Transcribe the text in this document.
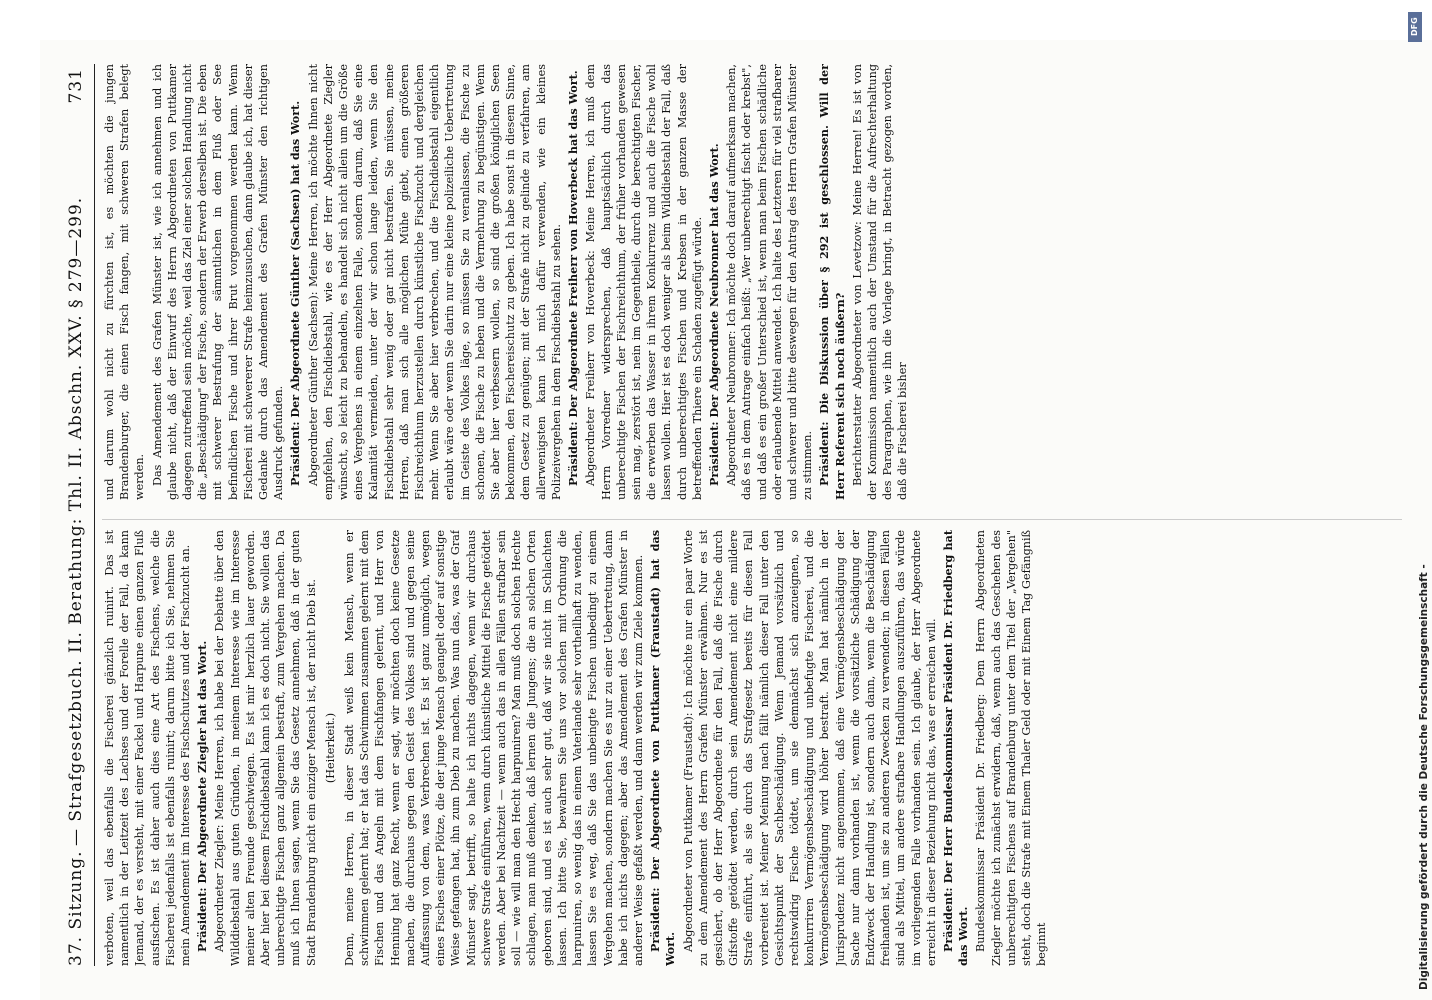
37. Sitzung.
— Strafgesetzbuch. II. Berathung: Thl. II. Abschn. XXV. § 279—299.
731

verboten, weil das ebenfalls die Fischerei gänzlich ruinirt. Das ist namentlich in der Leitzeit des Lachses und der Forelle der Fall, da kann Jemand, der es versteht, mit einer Fackel und Harpune einen ganzen Fluß ausfischen. Es ist daher auch dies eine Art des Fischens, welche die Fischerei jedenfalls ist ebenfalls ruinirt; darum bitte ich Sie, nehmen Sie mein Amendement im Interesse des Fischschutzes und der Fischzucht an. Präsident: Der Abgeordnete Ziegler hat das Wort. Abgeordneter Ziegler: Meine Herren, ich habe bei der Debatte über den Wilddiebstahl aus guten Gründen, in meinem Interesse wie im Interesse meiner alten Freunde geschwiegen. Es ist mir herzlich lauer geworden. Aber hier bei diesem Fischdiebstahl kann ich es doch nicht. Sie wollen das unberechtigte Fischen ganz allgemein bestraft, zum Vergehen machen. Da muß ich Ihnen sagen, wenn Sie das Gesetz annehmen, daß in der guten Stadt Brandenburg nicht ein einziger Mensch ist, der nicht Dieb ist. (Heiterkeit.) Denn, meine Herren, in dieser Stadt weiß kein Mensch, wenn er schwimmen gelernt hat; er hat das Schwimmen zusammen gelernt mit dem Fischen und das Angeln mit dem Fischfangen gelernt, und Herr von Henning hat ganz Recht, wenn er sagt, wir möchten doch keine Gesetze machen, die durchaus gegen den Geist des Volkes sind und gegen seine Auffassung von dem, was Verbrechen ist. Es ist ganz unmöglich, wegen eines Fisches einer Plötze, die der junge Mensch geangelt oder auf sonstige Weise gefangen hat, ihn zum Dieb zu machen. Was nun das, was der Graf Münster sagt, betrifft, so halte ich nichts dagegen, wenn wir durchaus schwere Strafe einführen, wenn durch künstliche Mittel die Fische getödtet werden. Aber bei Nachtzeit — wenn auch das in allen Fällen strafbar sein soll — wie will man den Hecht harpuniren? Man muß doch solchen Hechte schlagen, man muß denken, daß lernen die Jungens; die an solchen Orten geboren sind, und es ist auch sehr gut, daß wir sie nicht im Schlachten lassen. Ich bitte Sie, bewahren Sie uns vor solchen mit Ordnung die harpuniren, so wenig das in einem Vaterlande sehr vortheilhaft zu wenden, lassen Sie es weg, daß Sie das unbeingte Fischen unbedingt zu einem Vergehen machen, sondern machen Sie es nur zu einer Uebertretung, dann habe ich nichts dagegen; aber das Amendement des Grafen Münster in anderer Weise gefaßt werden, und dann werden wir zum Ziele kommen. Präsident: Der Abgeordnete von Puttkamer (Fraustadt) hat das Wort. Abgeordneter von Puttkamer (Fraustadt): Ich möchte nur ein paar Worte zu dem Amendement des Herrn Grafen Münster erwähnen. Nur es ist gesichert, ob der Herr Abgeordnete für den Fall, daß die Fische durch Gifstoffe getödtet werden, durch sein Amendement nicht eine mildere Strafe einführt, als sie durch das Strafgesetz bereits für diesen Fall vorbereitet ist. Meiner Meinung nach fällt nämlich dieser Fall unter den Gesichtspunkt der Sachbeschädigung. Wenn Jemand vorsätzlich und rechtswidrig Fische tödtet, um sie demnächst sich anzueignen, so konkurriren Vermögensbeschädigung und unbefugte Fischerei, und die Vermögensbeschädigung wird höher bestraft. Man hat nämlich in der Jurisprudenz nicht angenommen, daß eine Vermögensbeschädigung der Sache nur dann vorhanden ist, wenn die vorsätzliche Schädigung der Endzweck der Handlung ist, sondern auch dann, wenn die Beschädigung freihanden ist, um sie zu anderen Zwecken zu verwenden; in diesen Fällen sind als Mittel, um andere strafbare Handlungen auszuführen, das würde im vorliegenden Falle vorhanden sein. Ich glaube, der Herr Abgeordnete erreicht in dieser Beziehung nicht das, was er erreichen will. Präsident: Der Herr Bundeskommissar Präsident Dr. Friedberg hat das Wort. Bundeskommissar Präsident Dr. Friedberg: Dem Herrn Abgeordneten Ziegler möchte ich zunächst erwidern, daß, wenn auch das Geschehen des unberechtigten Fischens auf Brandenburg unter dem Titel der „Vergehen" steht, doch die Strafe mit Einem Thaler Geld oder mit Einem Tag Gefängniß beginnt

und darum wohl nicht zu fürchten ist, es möchten die jungen Brandenburger, die einen Fisch fangen, mit schweren Strafen belegt werden. Das Amendement des Grafen Münster ist, wie ich annehmen und ich glaube nicht, daß der Einwurf des Herrn Abgeordneten von Puttkamer dagegen zutreffend sein möchte, weil das Ziel einer solchen Handlung nicht die „Beschädigung" der Fische, sondern der Erwerb derselben ist. Die eben mit schwerer Bestrafung der sämmtlichen in dem Fluß oder See befindlichen Fische und ihrer Brut vorgenommen werden kann. Wenn Fischerei mit schwererer Strafe heimzusuchen, dann glaube ich, hat dieser Gedanke durch das Amendement des Grafen Münster den richtigen Ausdruck gefunden. Präsident: Der Abgeordnete Günther (Sachsen) hat das Wort. Abgeordneter Günther (Sachsen): Meine Herren, ich möchte Ihnen nicht empfehlen, den Fischdiebstahl, wie es der Herr Abgeordnete Ziegler wünscht, so leicht zu behandeln, es handelt sich nicht allein um die Größe eines Vergehens in einem einzelnen Falle, sondern darum, daß Sie eine Kalamität vermeiden, unter der wir schon lange leiden, wenn Sie den Fischdiebstahl sehr wenig oder gar nicht bestrafen. Sie müssen, meine Herren, daß man sich alle möglichen Mühe giebt, einen größeren Fischreichthum herzustellen durch künstliche Fischzucht und dergleichen mehr. Wenn Sie aber hier verbrechen, und die Fischdiebstahl eigentlich erlaubt wäre oder wenn Sie darin nur eine kleine polizeiliche Uebertretung im Geiste des Volkes läge, so müssen Sie zu veranlassen, die Fische zu schonen, die Fische zu heben und die Vermehrung zu begünstigen. Wenn Sie aber hier verbessern wollen, so sind die großen königlichen Seen bekommen, den Fischereischutz zu geben. Ich habe sonst in diesem Sinne, dem Gesetz zu genügen; mit der Strafe nicht zu gelinde zu verfahren, am allerwenigsten kann ich mich dafür verwenden, wie ein kleines Polizeivergehen in dem Fischdiebstahl zu sehen. Präsident: Der Abgeordnete Freiherr von Hoverbeck hat das Wort. Abgeordneter Freiherr von Hoverbeck: Meine Herren, ich muß dem Herrn Vorredner widersprechen, daß hauptsächlich durch das unberechtigte Fischen der Fischreichthum, der früher vorhanden gewesen sein mag, zerstört ist, nein im Gegentheile, durch die berechtigten Fischer, die erwerben das Wasser in ihrem Konkurrenz und auch die Fische wohl lassen wollen. Hier ist es doch weniger als beim Wilddiebstahl der Fall, daß durch unberechtigtes Fischen und Krebsen in der ganzen Masse der betreffenden Thiere ein Schaden zugefügt würde. Präsident: Der Abgeordnete Neubronner hat das Wort. Abgeordneter Neubronner: Ich möchte doch darauf aufmerksam machen, daß es in dem Antrage einfach heißt: „Wer unberechtigt fischt oder krebst", und daß es ein großer Unterschied ist, wenn man beim Fischen schädliche oder erlaubende Mittel anwendet. Ich halte des Letzteren für viel strafbarer und schwerer und bitte deswegen für den Antrag des Herrn Grafen Münster zu stimmen. Präsident: Die Diskussion über § 292 ist geschlossen. Will der Herr Referent sich noch äußern? Berichterstatter Abgeordneter von Levetzow: Meine Herren! Es ist von der Kommission namentlich auch der Umstand für die Aufrechterhaltung des Paragraphen, wie ihn die Vorlage bringt, in Betracht gezogen worden, daß die Fischerei bisher

DFG
Digitalisierung gefördert durch die Deutsche Forschungsgemeinschaft -
